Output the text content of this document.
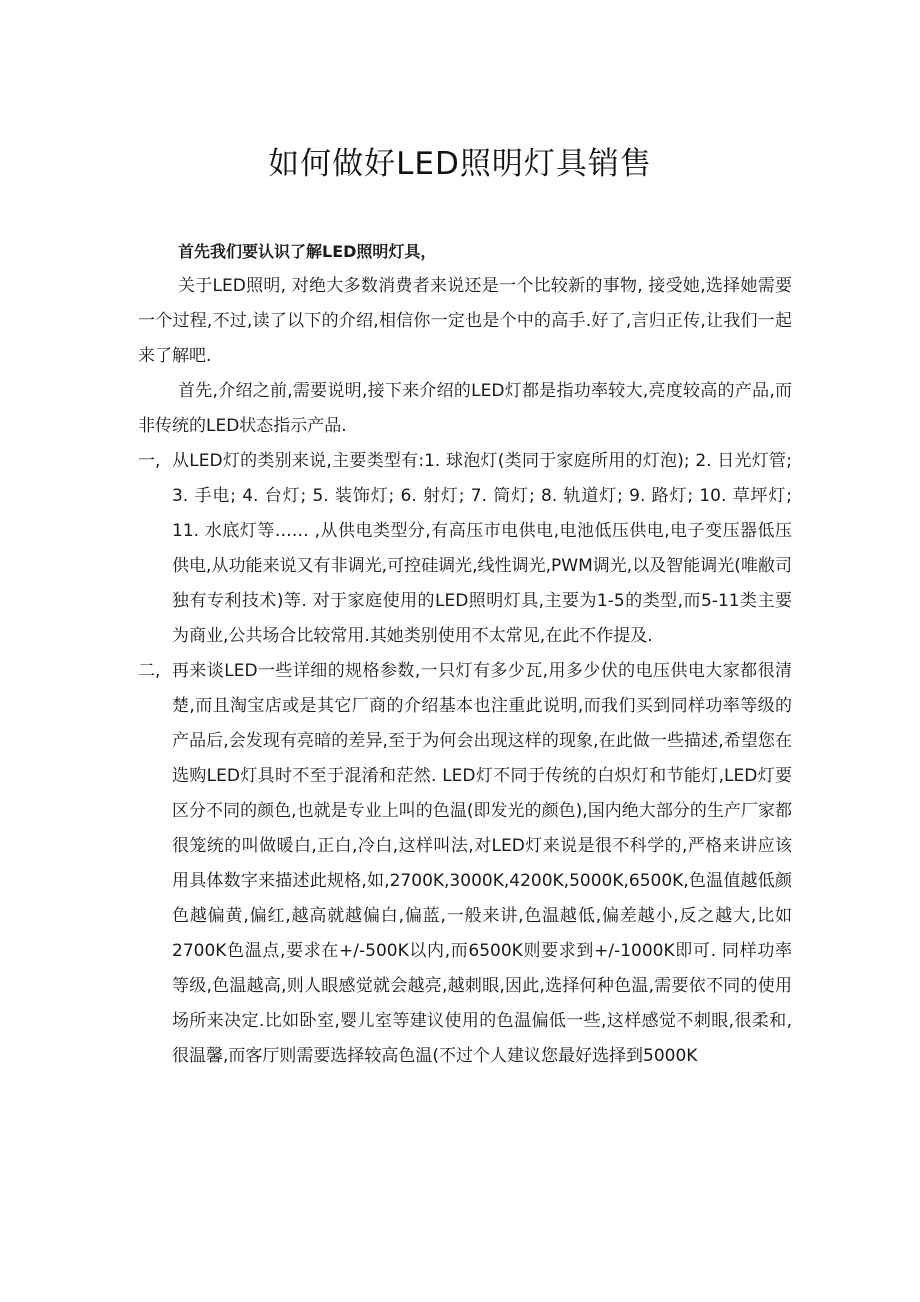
如何做好LED照明灯具销售

首先我们要认识了解LED照明灯具，

关于LED照明, 对绝大多数消费者来说还是一个比较新的事物, 接受她,选择她需要一个过程,不过,读了以下的介绍,相信你一定也是个中的高手.好了,言归正传,让我们一起来了解吧.

首先,介绍之前,需要说明,接下来介绍的LED灯都是指功率较大,亮度较高的产品,而非传统的LED状态指示产品.

一, 从LED灯的类别来说,主要类型有:1. 球泡灯(类同于家庭所用的灯泡); 2. 日光灯管; 3. 手电; 4. 台灯; 5. 装饰灯; 6. 射灯; 7. 筒灯; 8. 轨道灯; 9. 路灯; 10. 草坪灯; 11. 水底灯等…… ,从供电类型分,有高压市电供电,电池低压供电,电子变压器低压供电,从功能来说又有非调光,可控硅调光,线性调光,PWM调光,以及智能调光(唯敝司独有专利技术)等. 对于家庭使用的LED照明灯具,主要为1-5的类型,而5-11类主要为商业,公共场合比较常用.其她类别使用不太常见,在此不作提及.
二, 再来谈LED一些详细的规格参数,一只灯有多少瓦,用多少伏的电压供电大家都很清楚,而且淘宝店或是其它厂商的介绍基本也注重此说明,而我们买到同样功率等级的产品后,会发现有亮暗的差异,至于为何会出现这样的现象,在此做一些描述,希望您在选购LED灯具时不至于混淆和茫然. LED灯不同于传统的白炽灯和节能灯,LED灯要区分不同的颜色,也就是专业上叫的色温(即发光的颜色),国内绝大部分的生产厂家都很笼统的叫做暖白,正白,冷白,这样叫法,对LED灯来说是很不科学的,严格来讲应该用具体数字来描述此规格,如,2700K,3000K,4200K,5000K,6500K,色温值越低颜色越偏黄,偏红,越高就越偏白,偏蓝,一般来讲,色温越低,偏差越小,反之越大,比如2700K色温点,要求在+/-500K以内,而6500K则要求到+/-1000K即可. 同样功率等级,色温越高,则人眼感觉就会越亮,越刺眼,因此,选择何种色温,需要依不同的使用场所来决定.比如卧室,婴儿室等建议使用的色温偏低一些,这样感觉不刺眼,很柔和,很温馨,而客厅则需要选择较高色温(不过个人建议您最好选择到5000K
